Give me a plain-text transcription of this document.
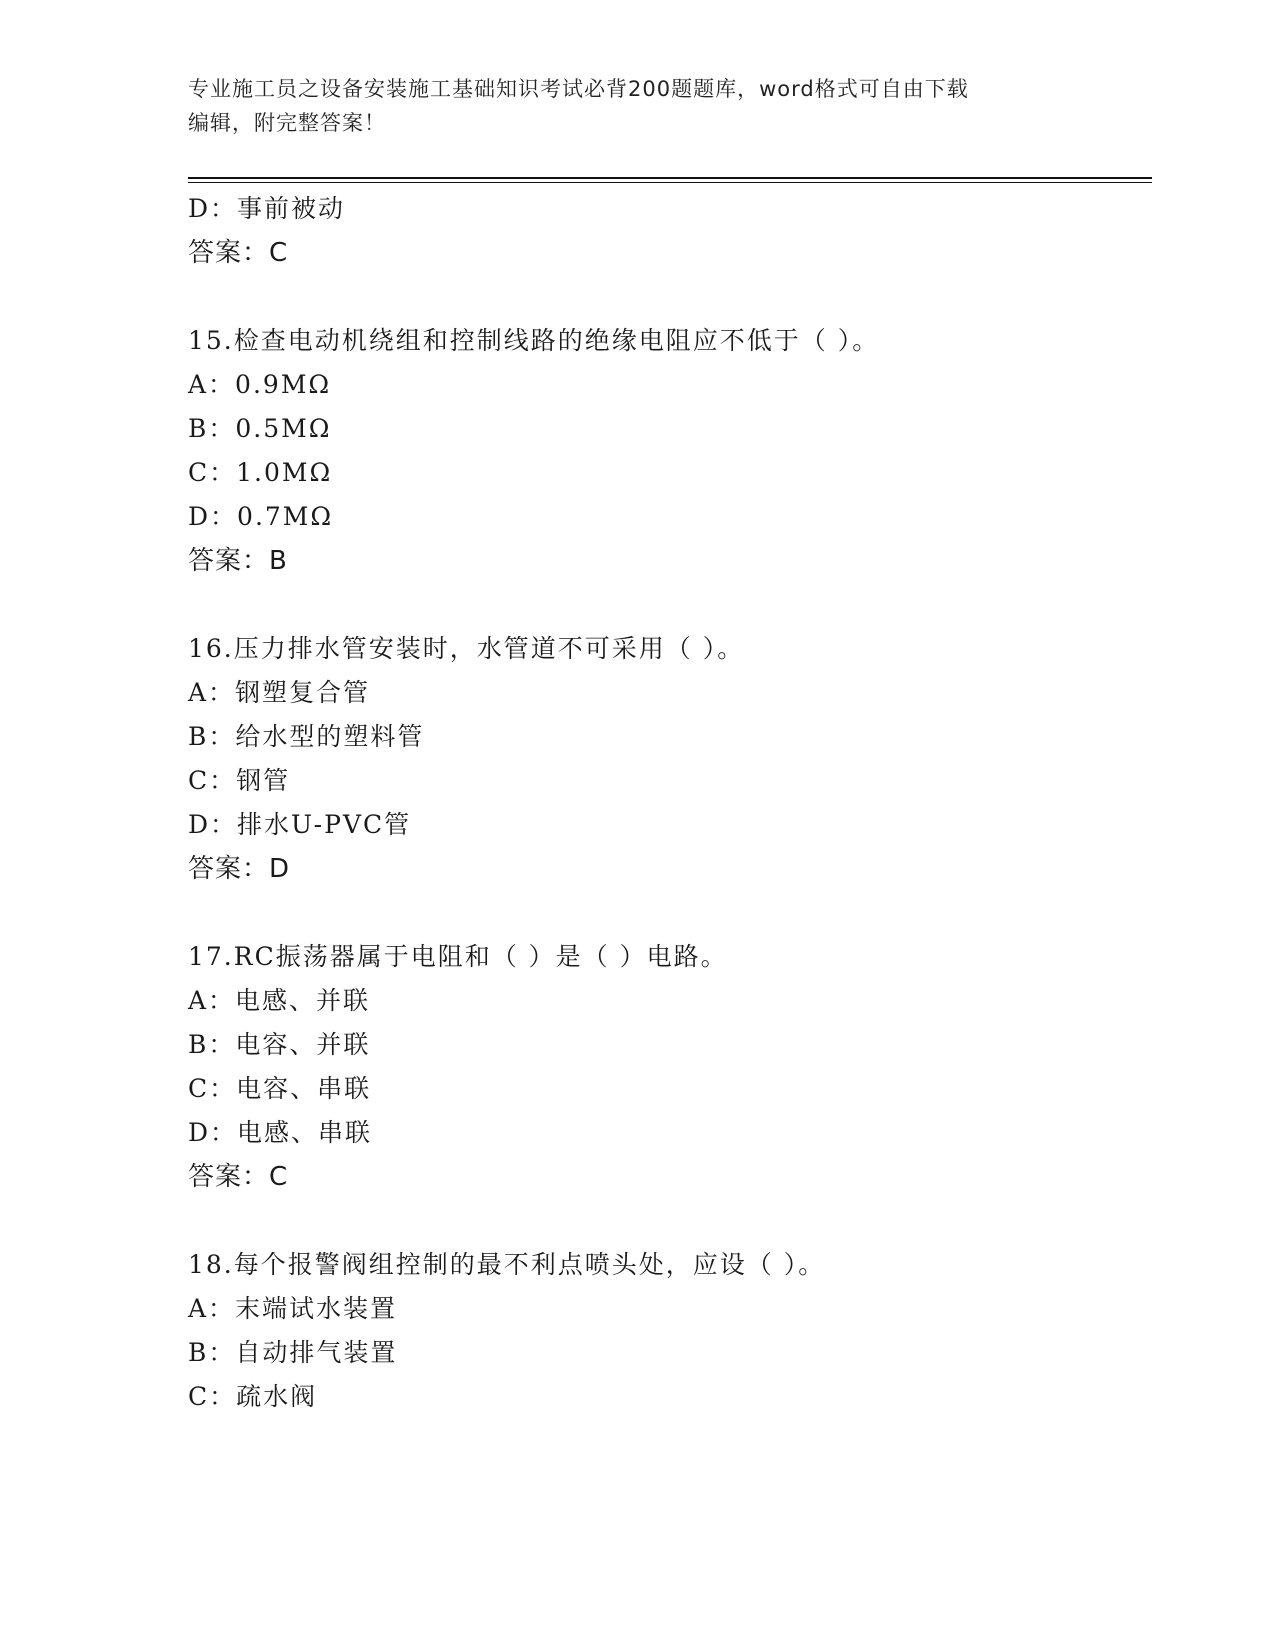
专业施工员之设备安装施工基础知识考试必背200题题库，word格式可自由下载
编辑，附完整答案！
D：事前被动
答案：C
15.检查电动机绕组和控制线路的绝缘电阻应不低于（ ）。
A：0.9MΩ
B：0.5MΩ
C：1.0MΩ
D：0.7MΩ
答案：B
16.压力排水管安装时，水管道不可采用（ ）。
A：钢塑复合管
B：给水型的塑料管
C：钢管
D：排水U-PVC管
答案：D
17.RC振荡器属于电阻和（ ）是（ ）电路。
A：电感、并联
B：电容、并联
C：电容、串联
D：电感、串联
答案：C
18.每个报警阀组控制的最不利点喷头处，应设（ ）。
A：末端试水装置
B：自动排气装置
C：疏水阀
